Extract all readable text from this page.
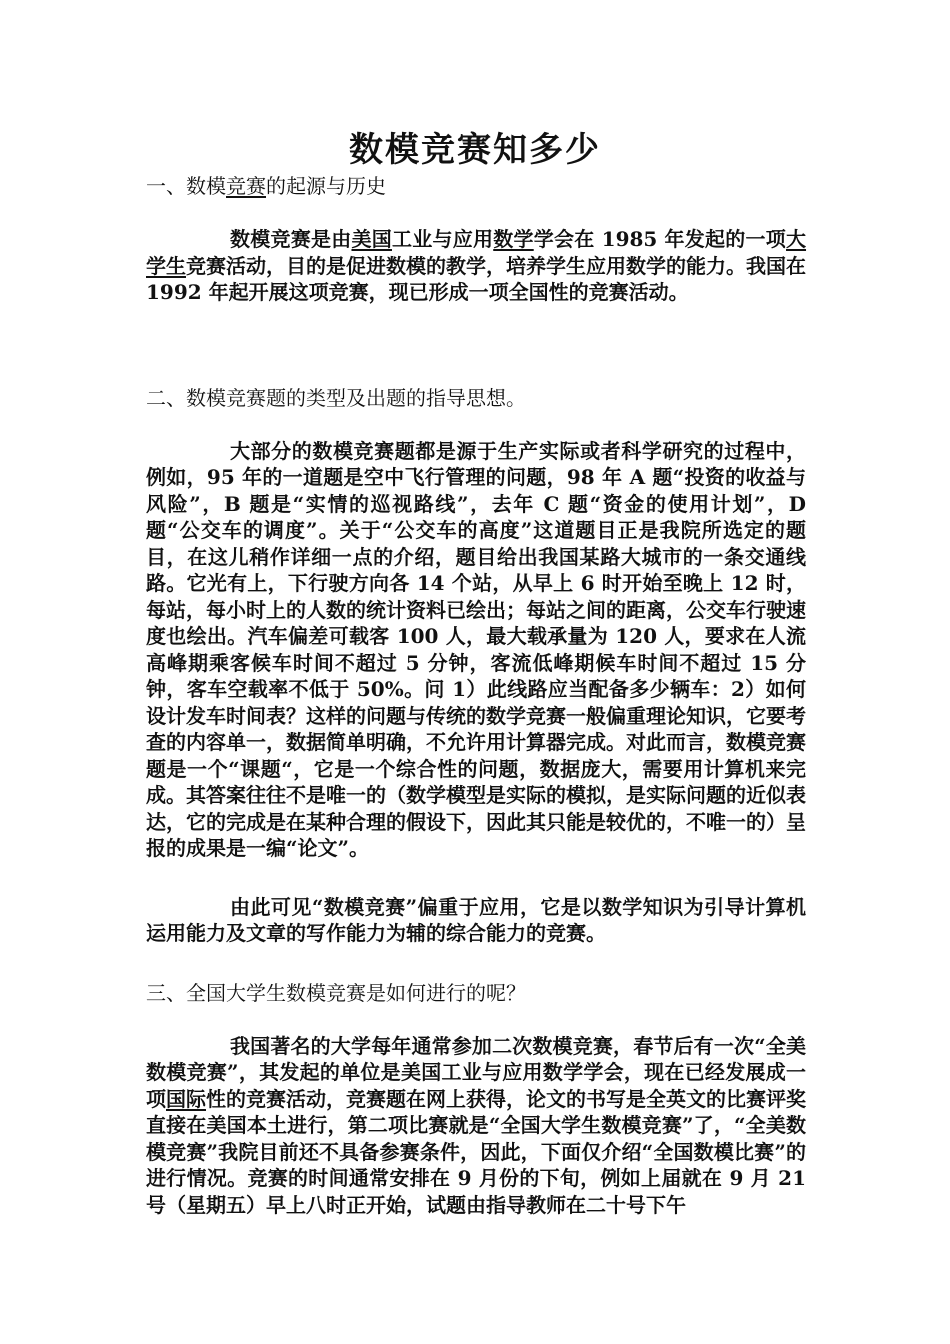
数模竞赛知多少

一、数模竞赛的起源与历史

数模竞赛是由美国工业与应用数学学会在 1985 年发起的一项大学生竞赛活动，目的是促进数模的教学，培养学生应用数学的能力。我国在 1992 年起开展这项竞赛，现已形成一项全国性的竞赛活动。

二、数模竞赛题的类型及出题的指导思想。

大部分的数模竞赛题都是源于生产实际或者科学研究的过程中，例如，95 年的一道题是空中飞行管理的问题，98 年 A 题“投资的收益与风险”，B 题是“实情的巡视路线”，去年 C 题“资金的使用计划”，D 题“公交车的调度”。关于“公交车的高度”这道题目正是我院所选定的题目，在这儿稍作详细一点的介绍，题目给出我国某路大城市的一条交通线路。它光有上，下行驶方向各 14 个站，从早上 6 时开始至晚上 12 时，每站，每小时上的人数的统计资料已绘出；每站之间的距离，公交车行驶速度也绘出。汽车偏差可载客 100 人，最大载承量为 120 人，要求在人流高峰期乘客候车时间不超过 5 分钟，客流低峰期候车时间不超过 15 分钟，客车空载率不低于 50%。问 1）此线路应当配备多少辆车：2）如何设计发车时间表？这样的问题与传统的数学竞赛一般偏重理论知识，它要考查的内容单一，数据简单明确，不允许用计算器完成。对此而言，数模竞赛题是一个“课题“，它是一个综合性的问题，数据庞大，需要用计算机来完成。其答案往往不是唯一的（数学模型是实际的模拟，是实际问题的近似表达，它的完成是在某种合理的假设下，因此其只能是较优的，不唯一的）呈报的成果是一编“论文”。

由此可见“数模竞赛”偏重于应用，它是以数学知识为引导计算机运用能力及文章的写作能力为辅的综合能力的竞赛。

三、全国大学生数模竞赛是如何进行的呢？

我国著名的大学每年通常参加二次数模竞赛，春节后有一次“全美数模竞赛”，其发起的单位是美国工业与应用数学学会，现在已经发展成一项国际性的竞赛活动，竞赛题在网上获得，论文的书写是全英文的比赛评奖直接在美国本土进行，第二项比赛就是“全国大学生数模竞赛”了，“全美数模竞赛”我院目前还不具备参赛条件，因此，下面仅介绍“全国数模比赛”的进行情况。竞赛的时间通常安排在 9 月份的下旬，例如上届就在 9 月 21 号（星期五）早上八时正开始，试题由指导教师在二十号下午
